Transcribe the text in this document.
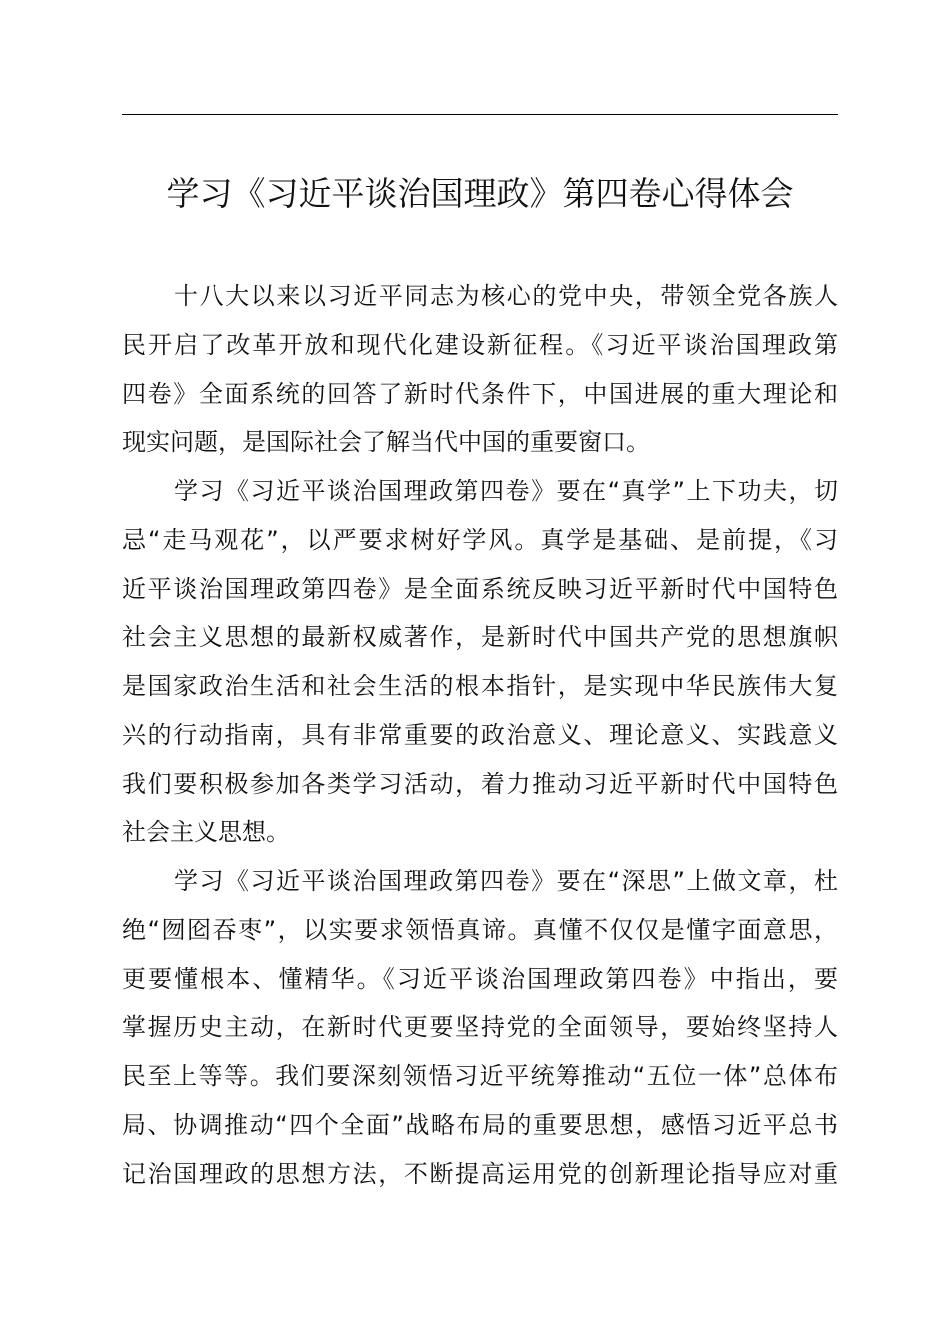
学习《习近平谈治国理政》第四卷心得体会
十八大以来以习近平同志为核心的党中央，带领全党各族人
民开启了改革开放和现代化建设新征程。《习近平谈治国理政第
四卷》全面系统的回答了新时代条件下，中国进展的重大理论和
现实问题，是国际社会了解当代中国的重要窗口。
学习《习近平谈治国理政第四卷》要在“真学”上下功夫，切
忌“走马观花”，以严要求树好学风。真学是基础、是前提，《习
近平谈治国理政第四卷》是全面系统反映习近平新时代中国特色
社会主义思想的最新权威著作，是新时代中国共产党的思想旗帜
是国家政治生活和社会生活的根本指针，是实现中华民族伟大复
兴的行动指南，具有非常重要的政治意义、理论意义、实践意义
我们要积极参加各类学习活动，着力推动习近平新时代中国特色
社会主义思想。
学习《习近平谈治国理政第四卷》要在“深思”上做文章，杜
绝“囫囵吞枣”，以实要求领悟真谛。真懂不仅仅是懂字面意思，
更要懂根本、懂精华。《习近平谈治国理政第四卷》中指出，要
掌握历史主动，在新时代更要坚持党的全面领导，要始终坚持人
民至上等等。我们要深刻领悟习近平统筹推动“五位一体”总体布
局、协调推动“四个全面”战略布局的重要思想，感悟习近平总书
记治国理政的思想方法，不断提高运用党的创新理论指导应对重
